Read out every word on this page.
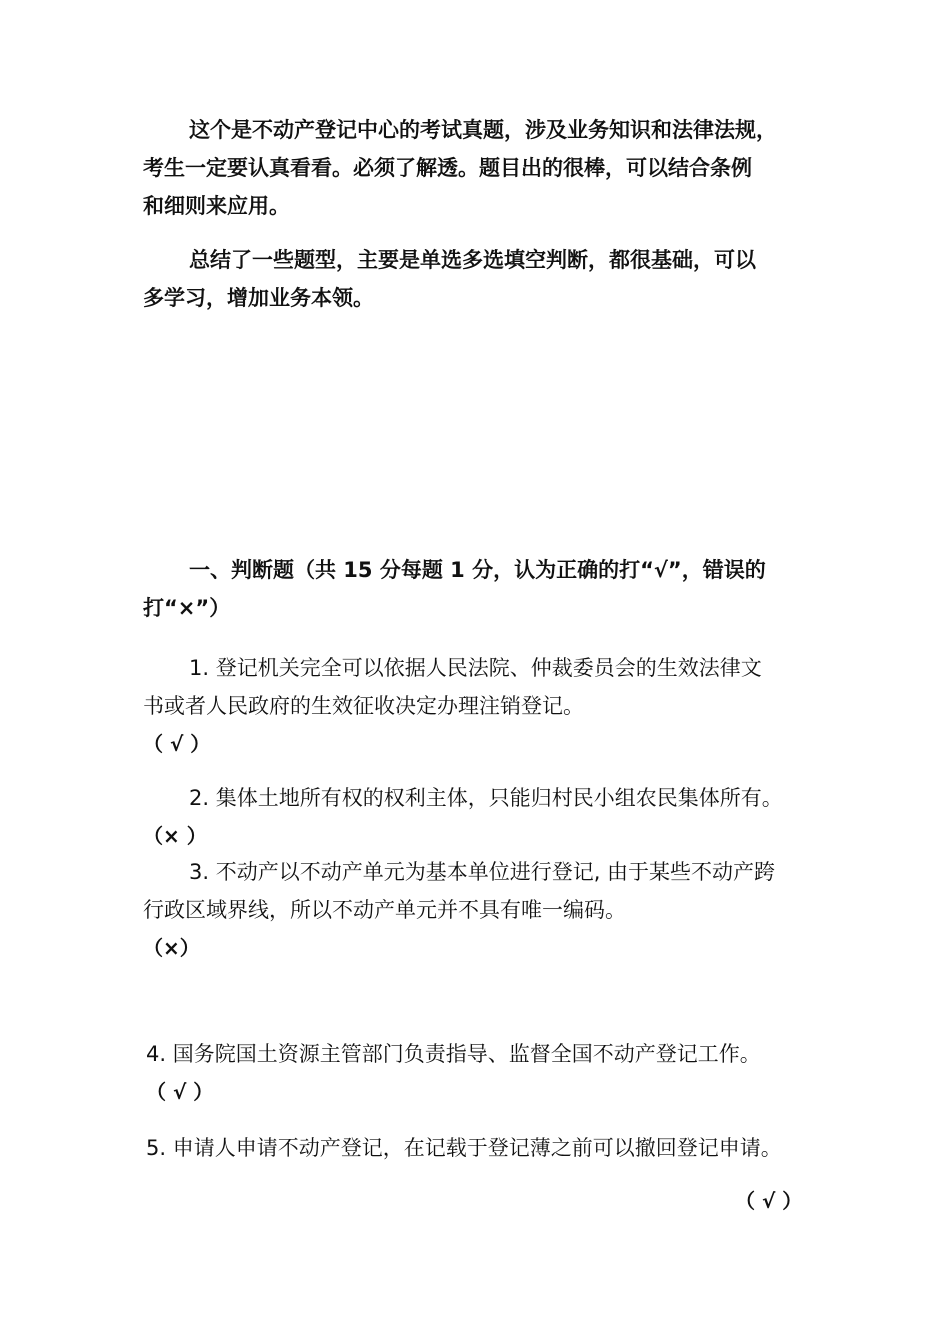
这个是不动产登记中心的考试真题，涉及业务知识和法律法规，
考生一定要认真看看。必须了解透。题目出的很棒，可以结合条例
和细则来应用。
总结了一些题型，主要是单选多选填空判断，都很基础，可以
多学习，增加业务本领。
一、判断题（共 15 分每题 1 分，认为正确的打“√”，错误的
打“×”）
1. 登记机关完全可以依据人民法院、仲裁委员会的生效法律文
书或者人民政府的生效征收决定办理注销登记。
（ √ ）
2. 集体土地所有权的权利主体，只能归村民小组农民集体所有。
（× ）
3. 不动产以不动产单元为基本单位进行登记, 由于某些不动产跨
行政区域界线，所以不动产单元并不具有唯一编码。
（×）
4. 国务院国土资源主管部门负责指导、监督全国不动产登记工作。
（ √ ）
5. 申请人申请不动产登记，在记载于登记薄之前可以撤回登记申请。
（ √ ）
